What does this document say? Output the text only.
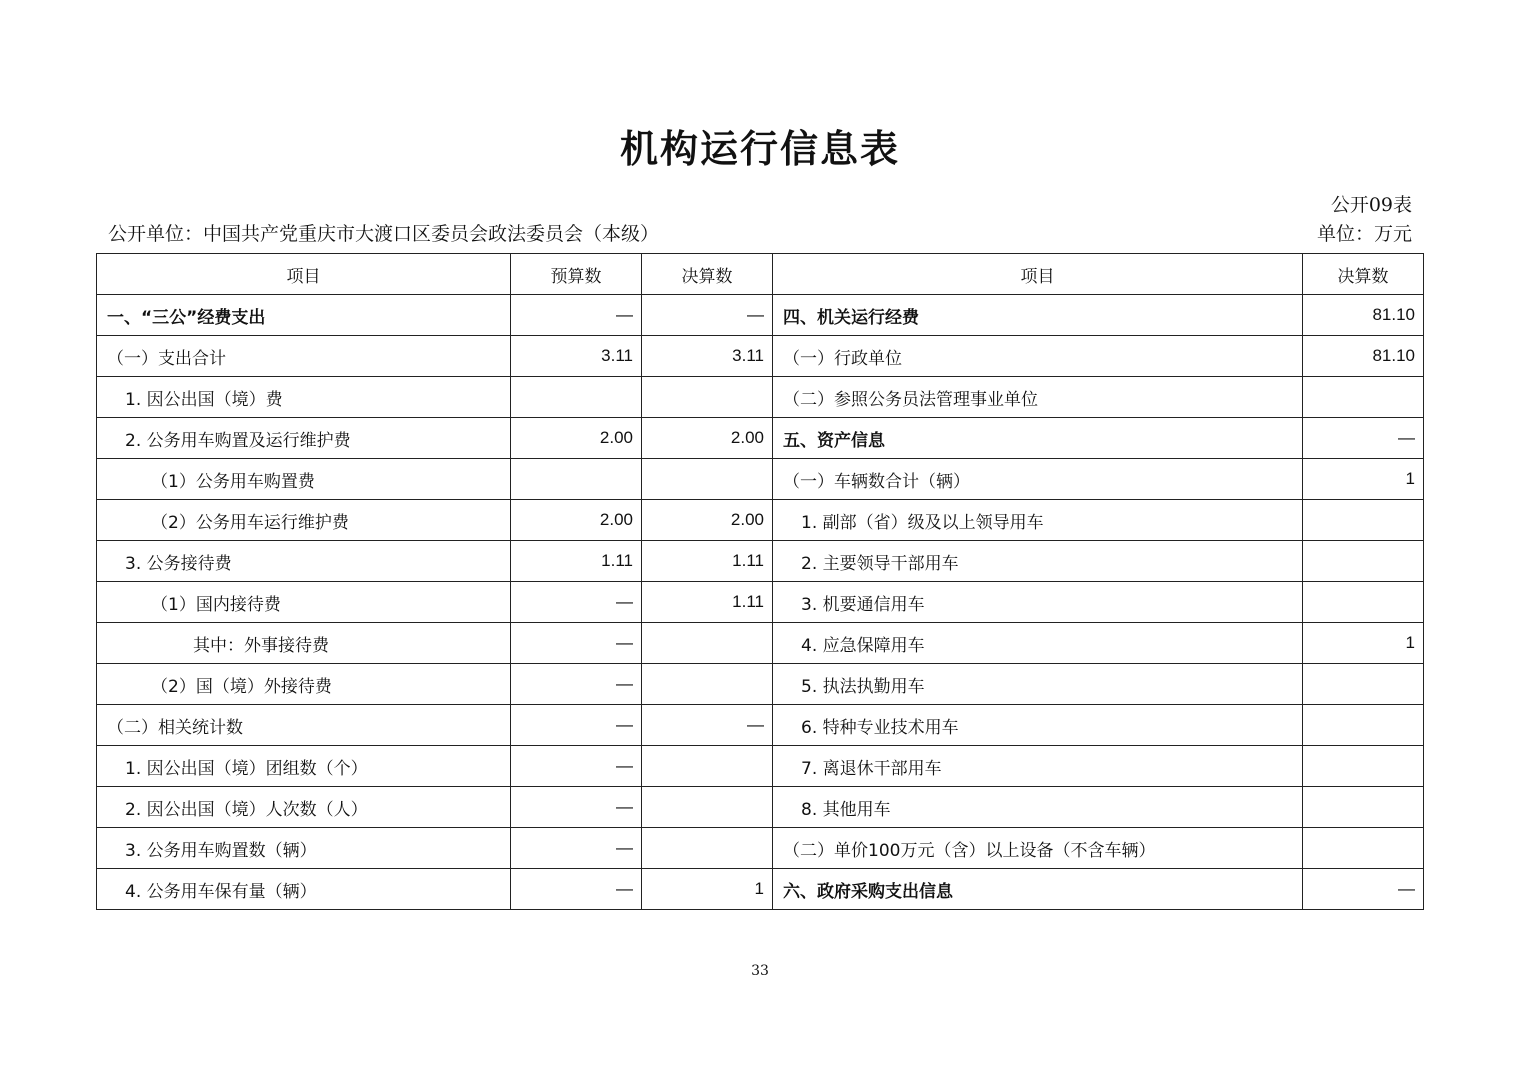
机构运行信息表
公开09表
公开单位：中国共产党重庆市大渡口区委员会政法委员会（本级）	单位：万元
项目	预算数	决算数	项目	决算数
一、“三公”经费支出	—	—	四、机关运行经费	81.10
（一）支出合计	3.11	3.11	（一）行政单位	81.10
1. 因公出国（境）费			（二）参照公务员法管理事业单位	
2. 公务用车购置及运行维护费	2.00	2.00	五、资产信息	—
（1）公务用车购置费			（一）车辆数合计（辆）	1
（2）公务用车运行维护费	2.00	2.00	1. 副部（省）级及以上领导用车	
3. 公务接待费	1.11	1.11	2. 主要领导干部用车	
（1）国内接待费	—	1.11	3. 机要通信用车	
其中：外事接待费	—		4. 应急保障用车	1
（2）国（境）外接待费	—		5. 执法执勤用车	
（二）相关统计数	—	—	6. 特种专业技术用车	
1. 因公出国（境）团组数（个）	—		7. 离退休干部用车	
2. 因公出国（境）人次数（人）	—		8. 其他用车	
3. 公务用车购置数（辆）	—		（二）单价100万元（含）以上设备（不含车辆）	
4. 公务用车保有量（辆）	—	1	六、政府采购支出信息	—
33
